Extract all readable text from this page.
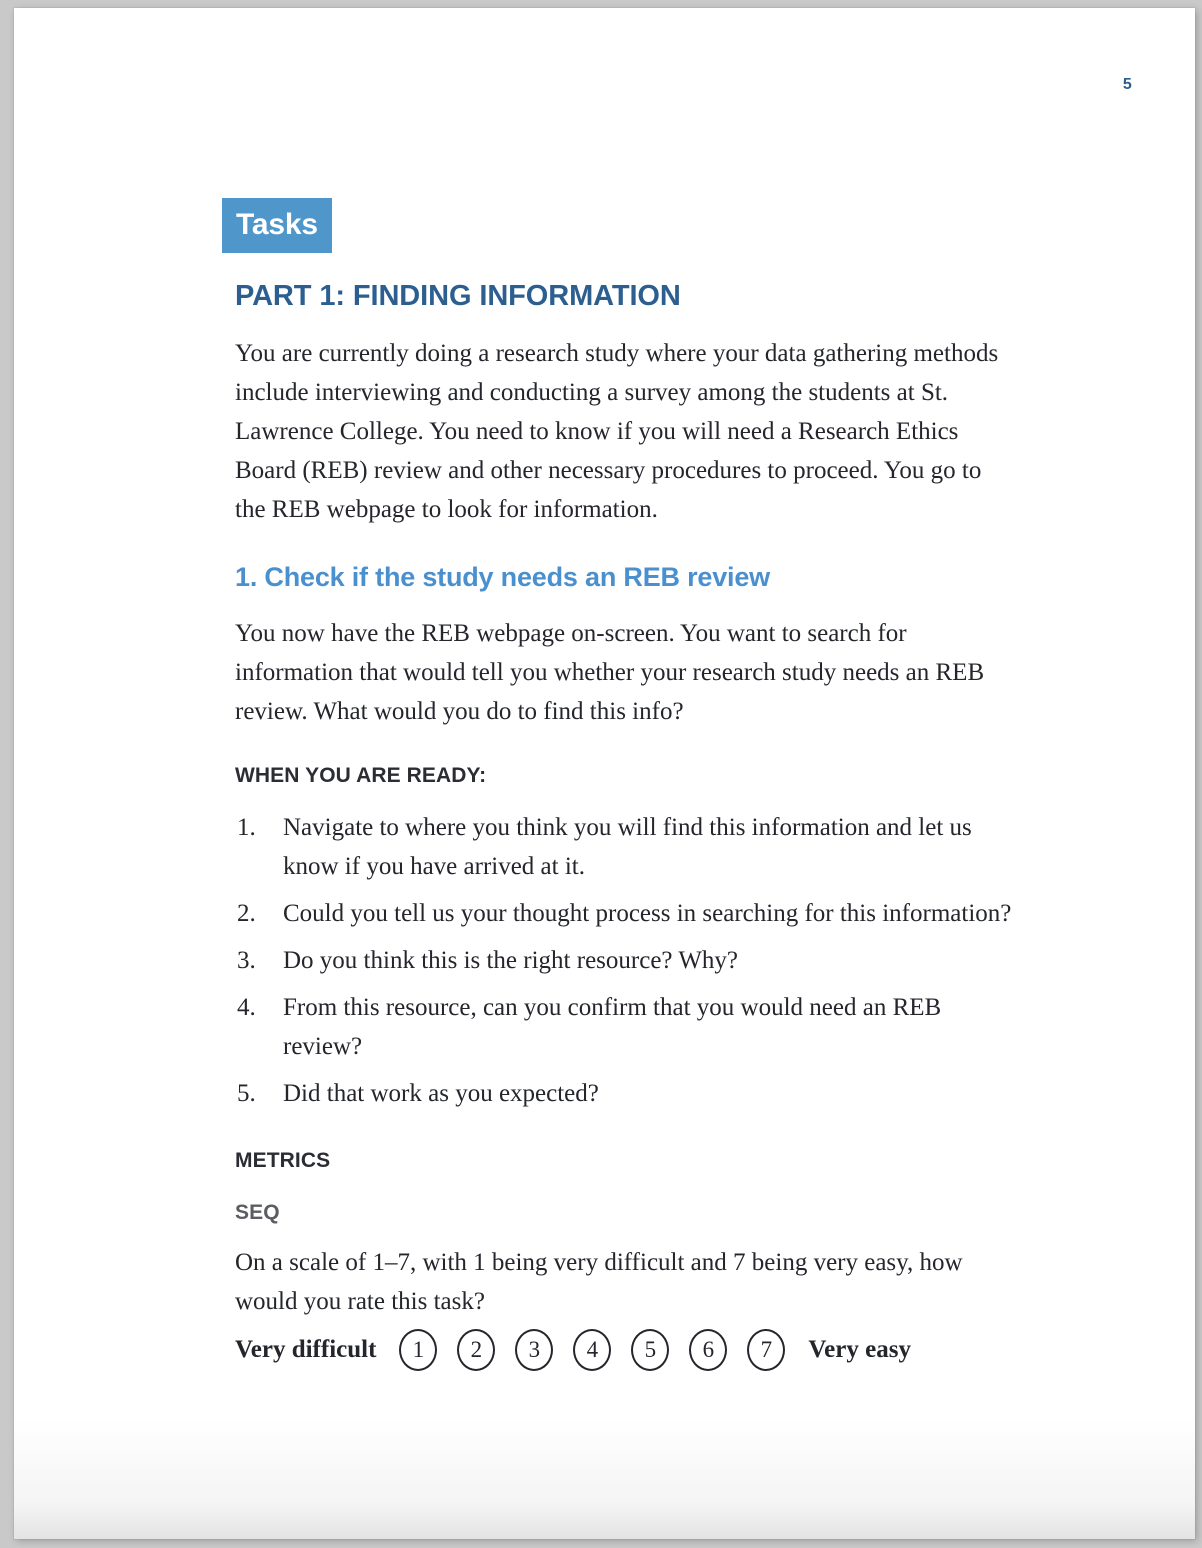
5
Tasks
PART 1: FINDING INFORMATION

You are currently doing a research study where your data gathering methods include interviewing and conducting a survey among the students at St. Lawrence College. You need to know if you will need a Research Ethics Board (REB) review and other necessary procedures to proceed. You go to the REB webpage to look for information.

1. Check if the study needs an REB review

You now have the REB webpage on-screen. You want to search for information that would tell you whether your research study needs an REB review. What would you do to find this info?

WHEN YOU ARE READY:
1.	Navigate to where you think you will find this information and let us know if you have arrived at it.
2.	Could you tell us your thought process in searching for this information?
3.	Do you think this is the right resource? Why?
4.	From this resource, can you confirm that you would need an REB review?
5.	Did that work as you expected?
METRICS
SEQ

On a scale of 1–7, with 1 being very difficult and 7 being very easy, how would you rate this task?

Very difficult	1	2	3	4	5	6	7	Very easy
